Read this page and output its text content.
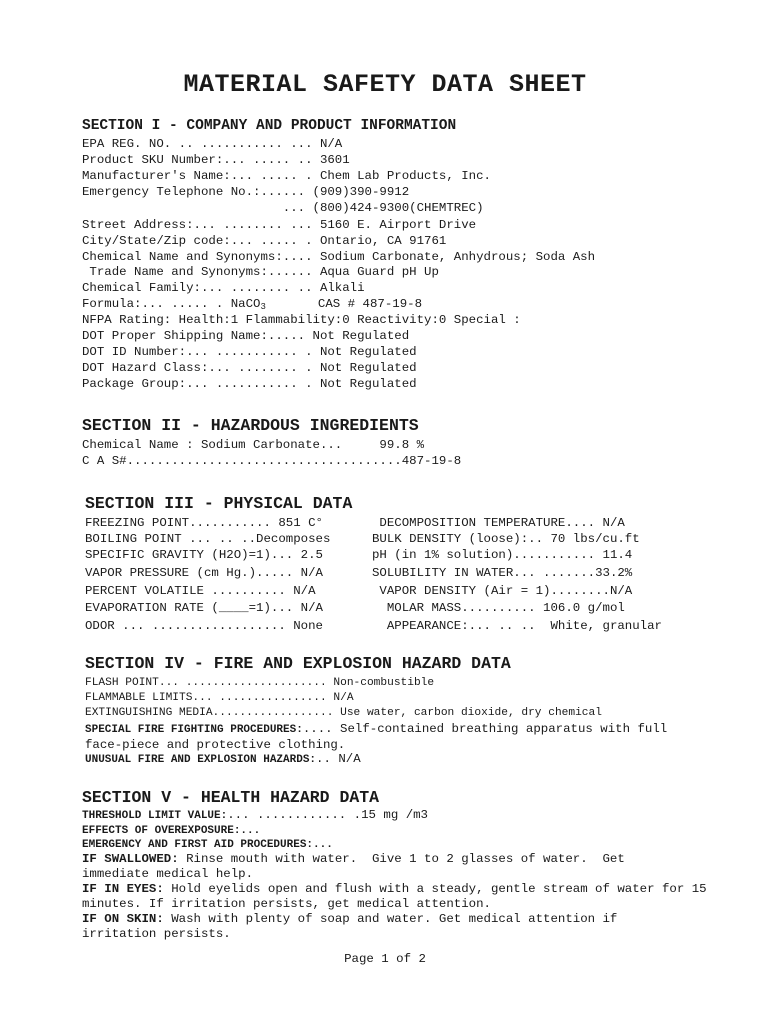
MATERIAL SAFETY DATA SHEET
SECTION I - COMPANY AND PRODUCT INFORMATION
EPA REG. NO. .. ........... ... N/A
Product SKU Number:... ..... .. 3601
Manufacturer's Name:... ..... . Chem Lab Products, Inc.
Emergency Telephone No.:...... (909)390-9912
... (800)424-9300(CHEMTREC)
Street Address:... ........ ... 5160 E. Airport Drive
City/State/Zip code:... ..... . Ontario, CA 91761
Chemical Name and Synonyms:.... Sodium Carbonate, Anhydrous; Soda Ash
Trade Name and Synonyms:...... Aqua Guard pH Up
Chemical Family:... ........ .. Alkali
Formula:... ..... . NaCO$_3$       CAS # 487-19-8
NFPA Rating: Health:1 Flammability:0 Reactivity:0 Special :
DOT Proper Shipping Name:..... Not Regulated
DOT ID Number:... ........... . Not Regulated
DOT Hazard Class:... ........ . Not Regulated
Package Group:... ........... . Not Regulated
SECTION II - HAZARDOUS INGREDIENTS
Chemical Name : Sodium Carbonate...     99.8 %
C A S#.....................................487-19-8
SECTION III - PHYSICAL DATA
FREEZING POINT........... 851 C°
BOILING POINT ... .. ..Decomposes
SPECIFIC GRAVITY (H2O)=1)... 2.5
VAPOR PRESSURE (cm Hg.)..... N/A
PERCENT VOLATILE .......... N/A
EVAPORATION RATE (____=1)... N/A
ODOR ... .................. None
DECOMPOSITION TEMPERATURE.... N/A
BULK DENSITY (loose):.. 70 lbs/cu.ft
pH (in 1% solution)........... 11.4
SOLUBILITY IN WATER... .......33.2%
VAPOR DENSITY (Air = 1)........N/A
MOLAR MASS.......... 106.0 g/mol
APPEARANCE:... .. ..  White, granular
SECTION IV - FIRE AND EXPLOSION HAZARD DATA
FLASH POINT... ..................... Non-combustible
FLAMMABLE LIMITS... ................ N/A
EXTINGUISHING MEDIA.................. Use water, carbon dioxide, dry chemical
SPECIAL FIRE FIGHTING PROCEDURES:.... Self-contained breathing apparatus with full
face-piece and protective clothing.
UNUSUAL FIRE AND EXPLOSION HAZARDS:.. N/A
SECTION V - HEALTH HAZARD DATA
THRESHOLD LIMIT VALUE:... ............ .15 mg /m3
EFFECTS OF OVEREXPOSURE:...
EMERGENCY AND FIRST AID PROCEDURES:...
IF SWALLOWED: Rinse mouth with water.  Give 1 to 2 glasses of water.  Get
immediate medical help.
IF IN EYES: Hold eyelids open and flush with a steady, gentle stream of water for 15
minutes. If irritation persists, get medical attention.
IF ON SKIN: Wash with plenty of soap and water. Get medical attention if
irritation persists.
Page 1 of 2
